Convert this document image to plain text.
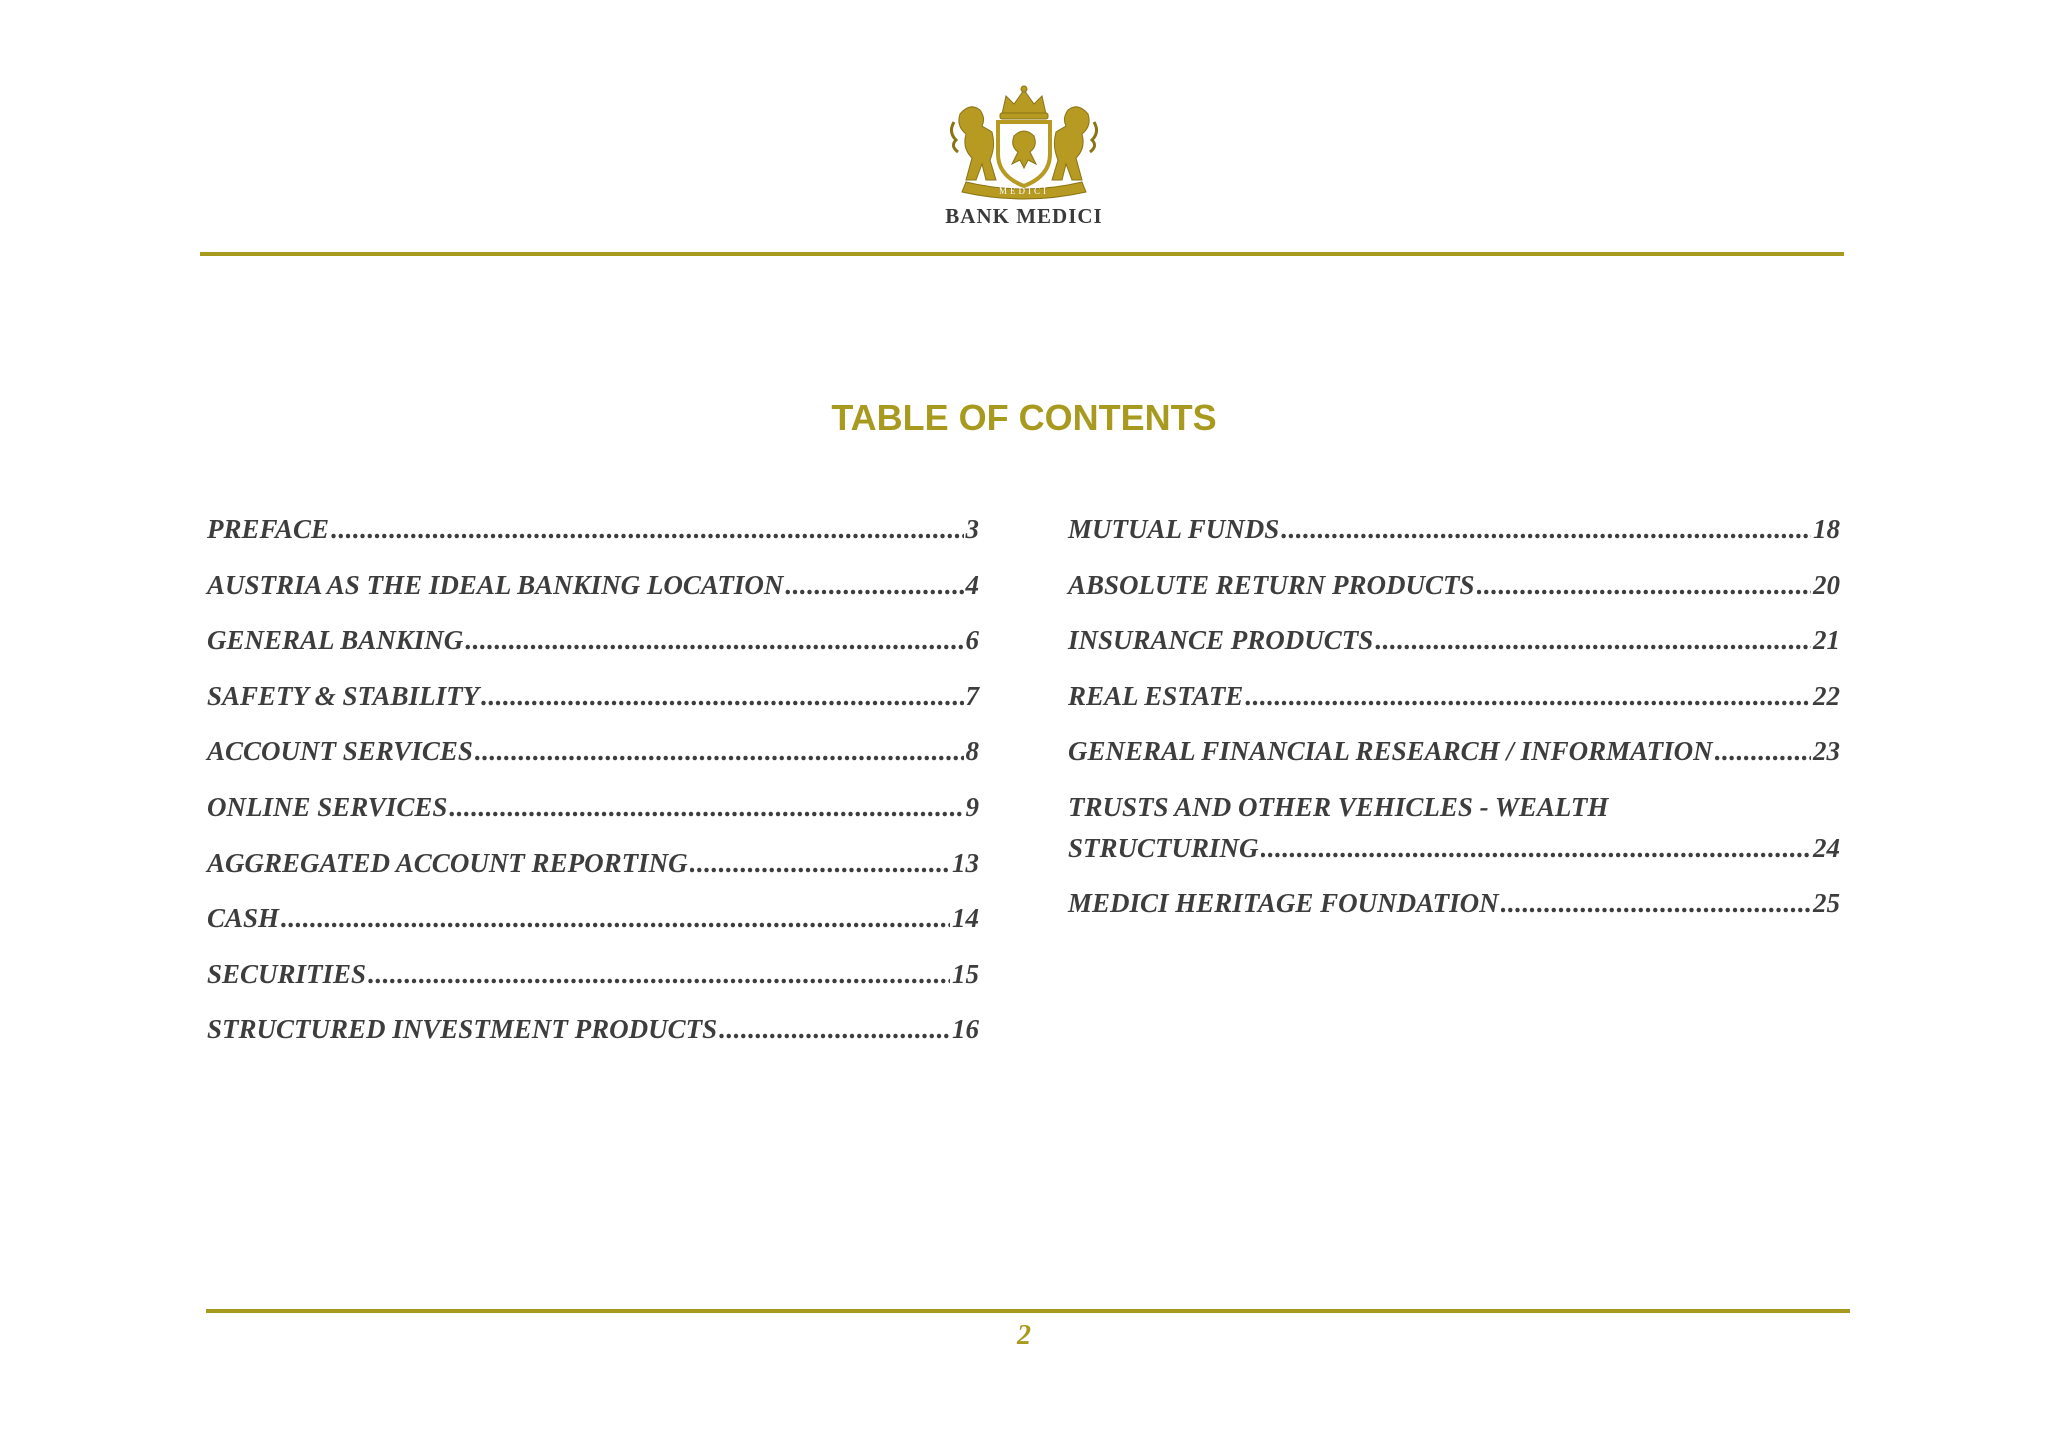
MEDICI
BANK MEDICI
TABLE OF CONTENTS
PREFACE .....	3
AUSTRIA AS THE IDEAL BANKING LOCATION .....	4
GENERAL BANKING .....	6
SAFETY & STABILITY .....	7
ACCOUNT SERVICES .....	8
ONLINE SERVICES .....	9
AGGREGATED ACCOUNT REPORTING .....	13
CASH .....	14
SECURITIES .....	15
STRUCTURED INVESTMENT PRODUCTS .....	16
MUTUAL FUNDS .....	18
ABSOLUTE RETURN PRODUCTS .....	20
INSURANCE PRODUCTS .....	21
REAL ESTATE .....	22
GENERAL FINANCIAL RESEARCH / INFORMATION .....	23
TRUSTS AND OTHER VEHICLES - WEALTH
STRUCTURING .....	24
MEDICI HERITAGE FOUNDATION .....	25
2
